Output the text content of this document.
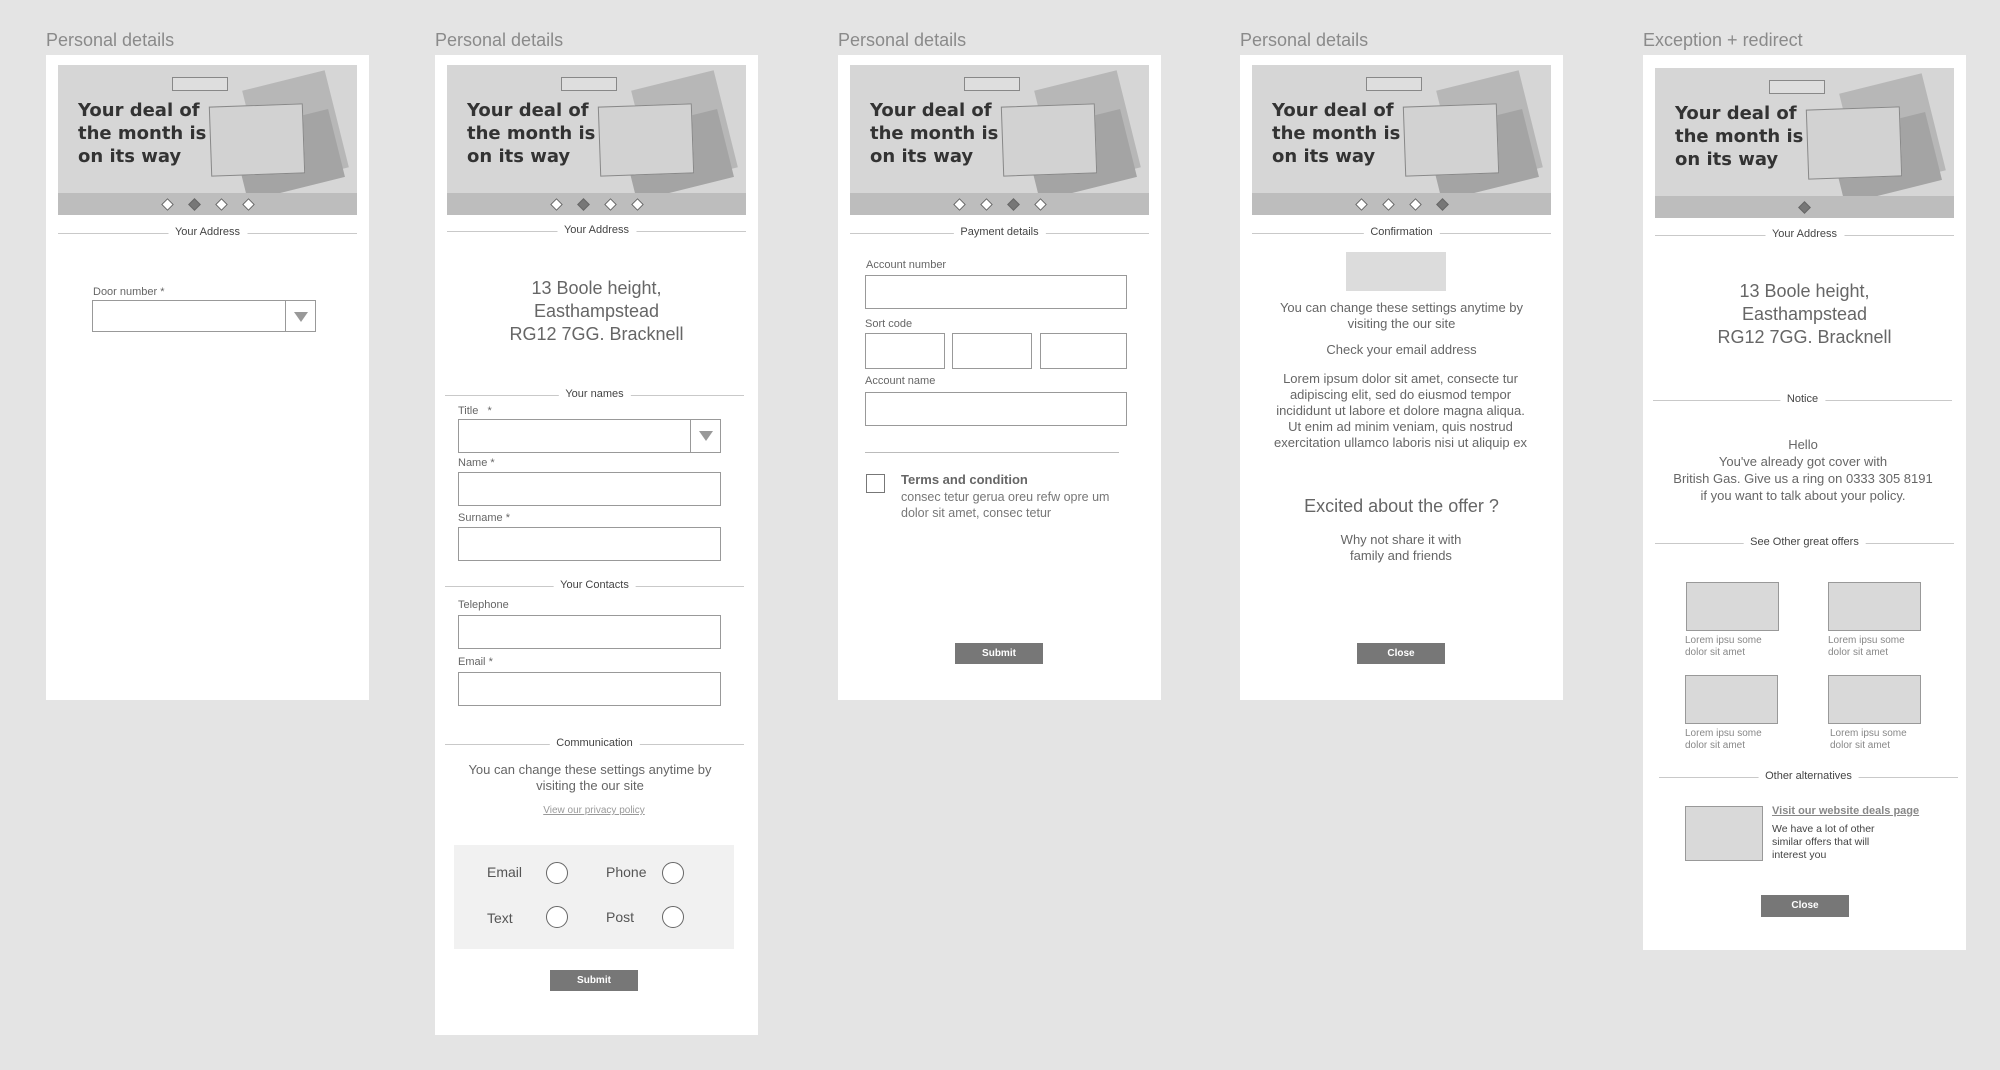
Personal details
Your deal of the month is on its way
Your Address
Door number *
Personal details
Your deal of the month is on its way
Your Address
13 Boole height,
Easthampstead
RG12 7GG. Bracknell
Your names
Title *
Name *
Surname *
Your Contacts
Telephone
Email *
Communication
You can change these settings anytime by visiting the our site
View our privacy policy
Email	Phone
Text	Post
Submit
Personal details
Your deal of the month is on its way
Payment details
Account number
Sort code
Account name
Terms and condition
consec tetur gerua oreu refw opre um dolor sit amet, consec tetur
Submit
Personal details
Your deal of the month is on its way
Confirmation
You can change these settings anytime by visiting the our site
Check your email address
Lorem ipsum dolor sit amet, consecte tur adipiscing elit, sed do eiusmod tempor incididunt ut labore et dolore magna aliqua. Ut enim ad minim veniam, quis nostrud exercitation ullamco laboris nisi ut aliquip ex
Excited about the offer ?
Why not share it with family and friends
Close
Exception + redirect
Your deal of the month is on its way
Your Address
13 Boole height,
Easthampstead
RG12 7GG. Bracknell
Notice
Hello
You've already got cover with
British Gas. Give us a ring on 0333 305 8191
if you want to talk about your policy.
See Other great offers
Lorem ipsu some dolor sit amet
Lorem ipsu some dolor sit amet
Lorem ipsu some dolor sit amet
Lorem ipsu some dolor sit amet
Other alternatives
Visit our website deals page
We have a lot of other similar offers that will interest you
Close
